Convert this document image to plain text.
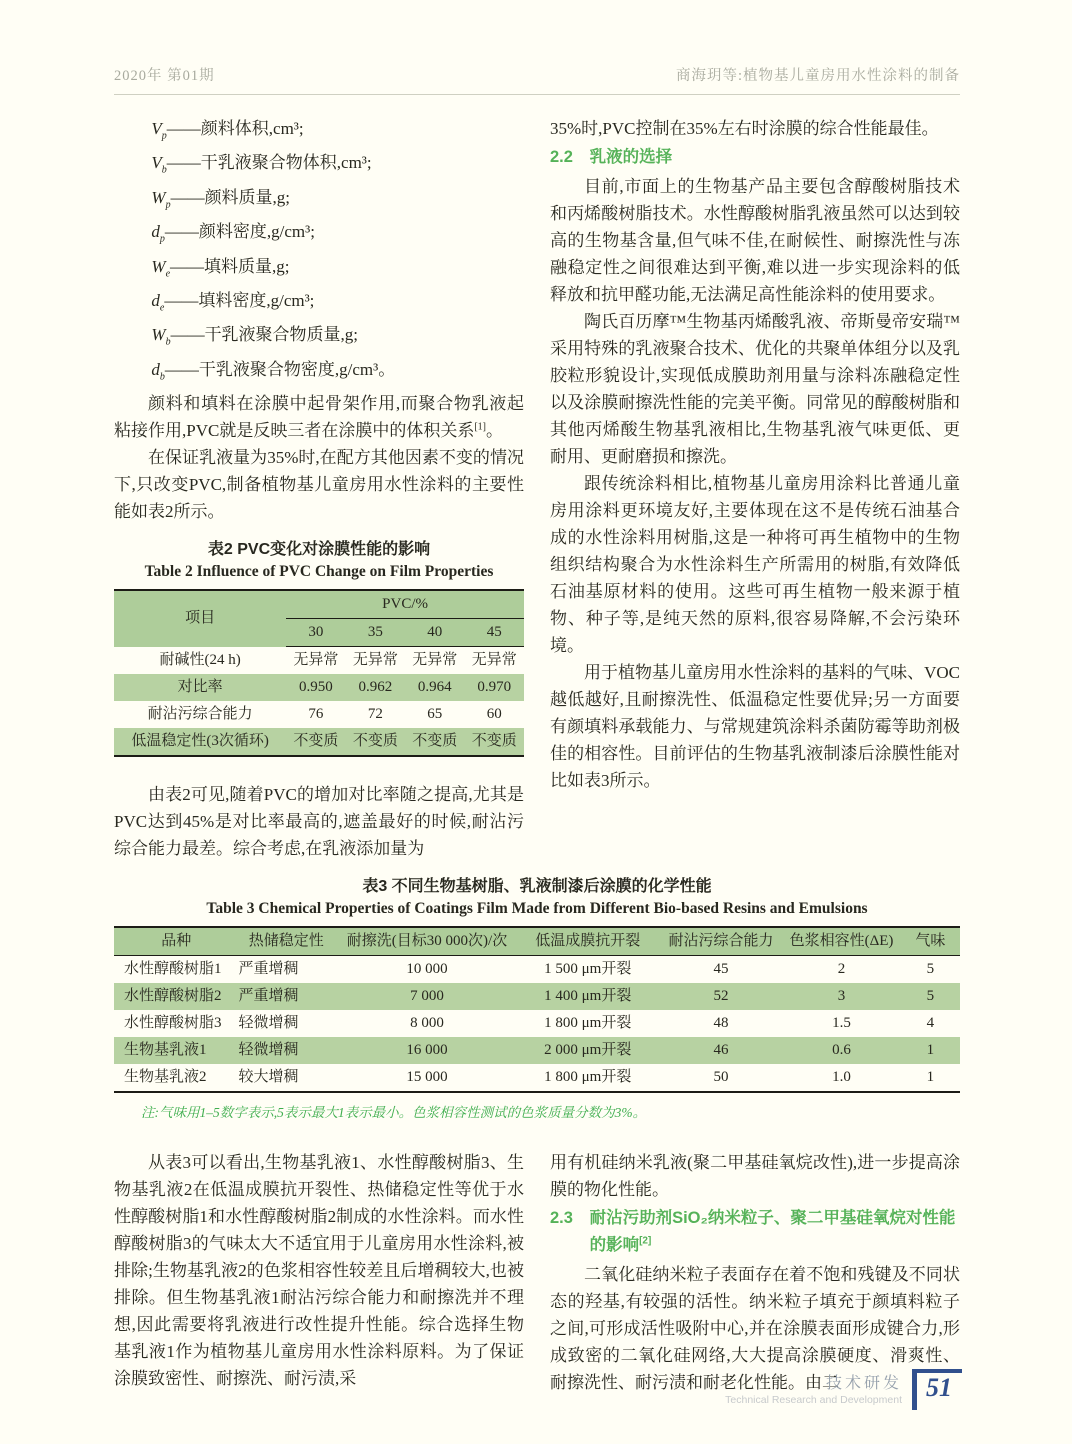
2020年 第01期	商海玥等:植物基儿童房用水性涂料的制备
$V_p——$颜料体积,cm³;
$V_b——$干乳液聚合物体积,cm³;
$W_p——$颜料质量,g;
$d_p——$颜料密度,g/cm³;
$W_e——$填料质量,g;
$d_e——$填料密度,g/cm³;
$W_b——$干乳液聚合物质量,g;
$d_b——$干乳液聚合物密度,g/cm³。

颜料和填料在涂膜中起骨架作用,而聚合物乳液起粘接作用,PVC就是反映三者在涂膜中的体积关系[1]。

在保证乳液量为35%时,在配方其他因素不变的情况下,只改变PVC,制备植物基儿童房用水性涂料的主要性能如表2所示。

表2 PVC变化对涂膜性能的影响
Table 2 Influence of PVC Change on Film Properties
项目	PVC/%			
	30	35	40	45
耐碱性(24 h)	无异常	无异常	无异常	无异常
对比率	0.950	0.962	0.964	0.970
耐沾污综合能力	76	72	65	60
低温稳定性(3次循环)	不变质	不变质	不变质	不变质

由表2可见,随着PVC的增加对比率随之提高,尤其是PVC达到45%是对比率最高的,遮盖最好的时候,耐沾污综合能力最差。综合考虑,在乳液添加量为

35%时,PVC控制在35%左右时涂膜的综合性能最佳。

2.2	乳液的选择

目前,市面上的生物基产品主要包含醇酸树脂技术和丙烯酸树脂技术。水性醇酸树脂乳液虽然可以达到较高的生物基含量,但气味不佳,在耐候性、耐擦洗性与冻融稳定性之间很难达到平衡,难以进一步实现涂料的低释放和抗甲醛功能,无法满足高性能涂料的使用要求。

陶氏百历摩™生物基丙烯酸乳液、帝斯曼帝安瑞™采用特殊的乳液聚合技术、优化的共聚单体组分以及乳胶粒形貌设计,实现低成膜助剂用量与涂料冻融稳定性以及涂膜耐擦洗性能的完美平衡。同常见的醇酸树脂和其他丙烯酸生物基乳液相比,生物基乳液气味更低、更耐用、更耐磨损和擦洗。

跟传统涂料相比,植物基儿童房用涂料比普通儿童房用涂料更环境友好,主要体现在这不是传统石油基合成的水性涂料用树脂,这是一种将可再生植物中的生物组织结构聚合为水性涂料生产所需用的树脂,有效降低石油基原材料的使用。这些可再生植物一般来源于植物、种子等,是纯天然的原料,很容易降解,不会污染环境。

用于植物基儿童房用水性涂料的基料的气味、VOC越低越好,且耐擦洗性、低温稳定性要优异;另一方面要有颜填料承载能力、与常规建筑涂料杀菌防霉等助剂极佳的相容性。目前评估的生物基乳液制漆后涂膜性能对比如表3所示。

表3 不同生物基树脂、乳液制漆后涂膜的化学性能
Table 3 Chemical Properties of Coatings Film Made from Different Bio-based Resins and Emulsions
品种	热储稳定性	耐擦洗(目标30 000次)/次	低温成膜抗开裂	耐沾污综合能力	色浆相容性(ΔE)	气味
水性醇酸树脂1	严重增稠	10 000	1 500 μm开裂	45	2	5
水性醇酸树脂2	严重增稠	7 000	1 400 μm开裂	52	3	5
水性醇酸树脂3	轻微增稠	8 000	1 800 μm开裂	48	1.5	4
生物基乳液1	轻微增稠	16 000	2 000 μm开裂	46	0.6	1
生物基乳液2	较大增稠	15 000	1 800 μm开裂	50	1.0	1

注:气味用1–5数字表示,5表示最大1表示最小。色浆相容性测试的色浆质量分数为3%。

从表3可以看出,生物基乳液1、水性醇酸树脂3、生物基乳液2在低温成膜抗开裂性、热储稳定性等优于水性醇酸树脂1和水性醇酸树脂2制成的水性涂料。而水性醇酸树脂3的气味太大不适宜用于儿童房用水性涂料,被排除;生物基乳液2的色浆相容性较差且后增稠较大,也被排除。但生物基乳液1耐沾污综合能力和耐擦洗并不理想,因此需要将乳液进行改性提升性能。综合选择生物基乳液1作为植物基儿童房用水性涂料原料。为了保证涂膜致密性、耐擦洗、耐污渍,采

用有机硅纳米乳液(聚二甲基硅氧烷改性),进一步提高涂膜的物化性能。

2.3	耐沾污助剂SiO₂纳米粒子、聚二甲基硅氧烷对性能的影响[2]

二氧化硅纳米粒子表面存在着不饱和残键及不同状态的羟基,有较强的活性。纳米粒子填充于颜填料粒子之间,可形成活性吸附中心,并在涂膜表面形成键合力,形成致密的二氧化硅网络,大大提高涂膜硬度、滑爽性、耐擦洗性、耐污渍和耐老化性能。由二

技术研发
Technical Research and Development 51
